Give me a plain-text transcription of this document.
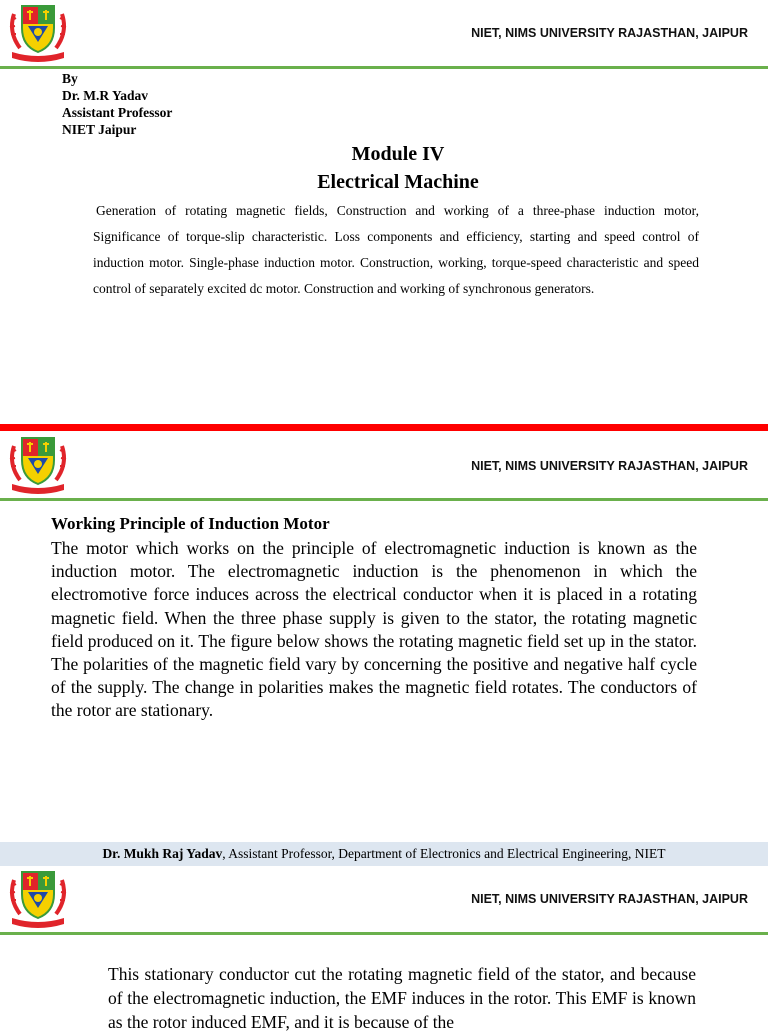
NIET, NIMS UNIVERSITY RAJASTHAN, JAIPUR
By
Dr. M.R Yadav
Assistant Professor
NIET Jaipur
Module IV
Electrical Machine
Generation of rotating magnetic fields, Construction and working of a three-phase induction motor, Significance of torque-slip characteristic. Loss components and efficiency, starting and speed control of induction motor. Single-phase induction motor. Construction, working, torque-speed characteristic and speed control of separately excited dc motor. Construction and working of synchronous generators.
NIET, NIMS UNIVERSITY RAJASTHAN, JAIPUR
Working Principle of Induction Motor
The motor which works on the principle of electromagnetic induction is known as the induction motor. The electromagnetic induction is the phenomenon in which the electromotive force induces across the electrical conductor when it is placed in a rotating magnetic field. When the three phase supply is given to the stator, the rotating magnetic field produced on it. The figure below shows the rotating magnetic field set up in the stator. The polarities of the magnetic field vary by concerning the positive and negative half cycle of the supply. The change in polarities makes the magnetic field rotates. The conductors of the rotor are stationary.
Dr. Mukh Raj Yadav, Assistant Professor, Department of Electronics and Electrical Engineering, NIET
NIET, NIMS UNIVERSITY RAJASTHAN, JAIPUR
This stationary conductor cut the rotating magnetic field of the stator, and because of the electromagnetic induction, the EMF induces in the rotor. This EMF is known as the rotor induced EMF, and it is because of the
